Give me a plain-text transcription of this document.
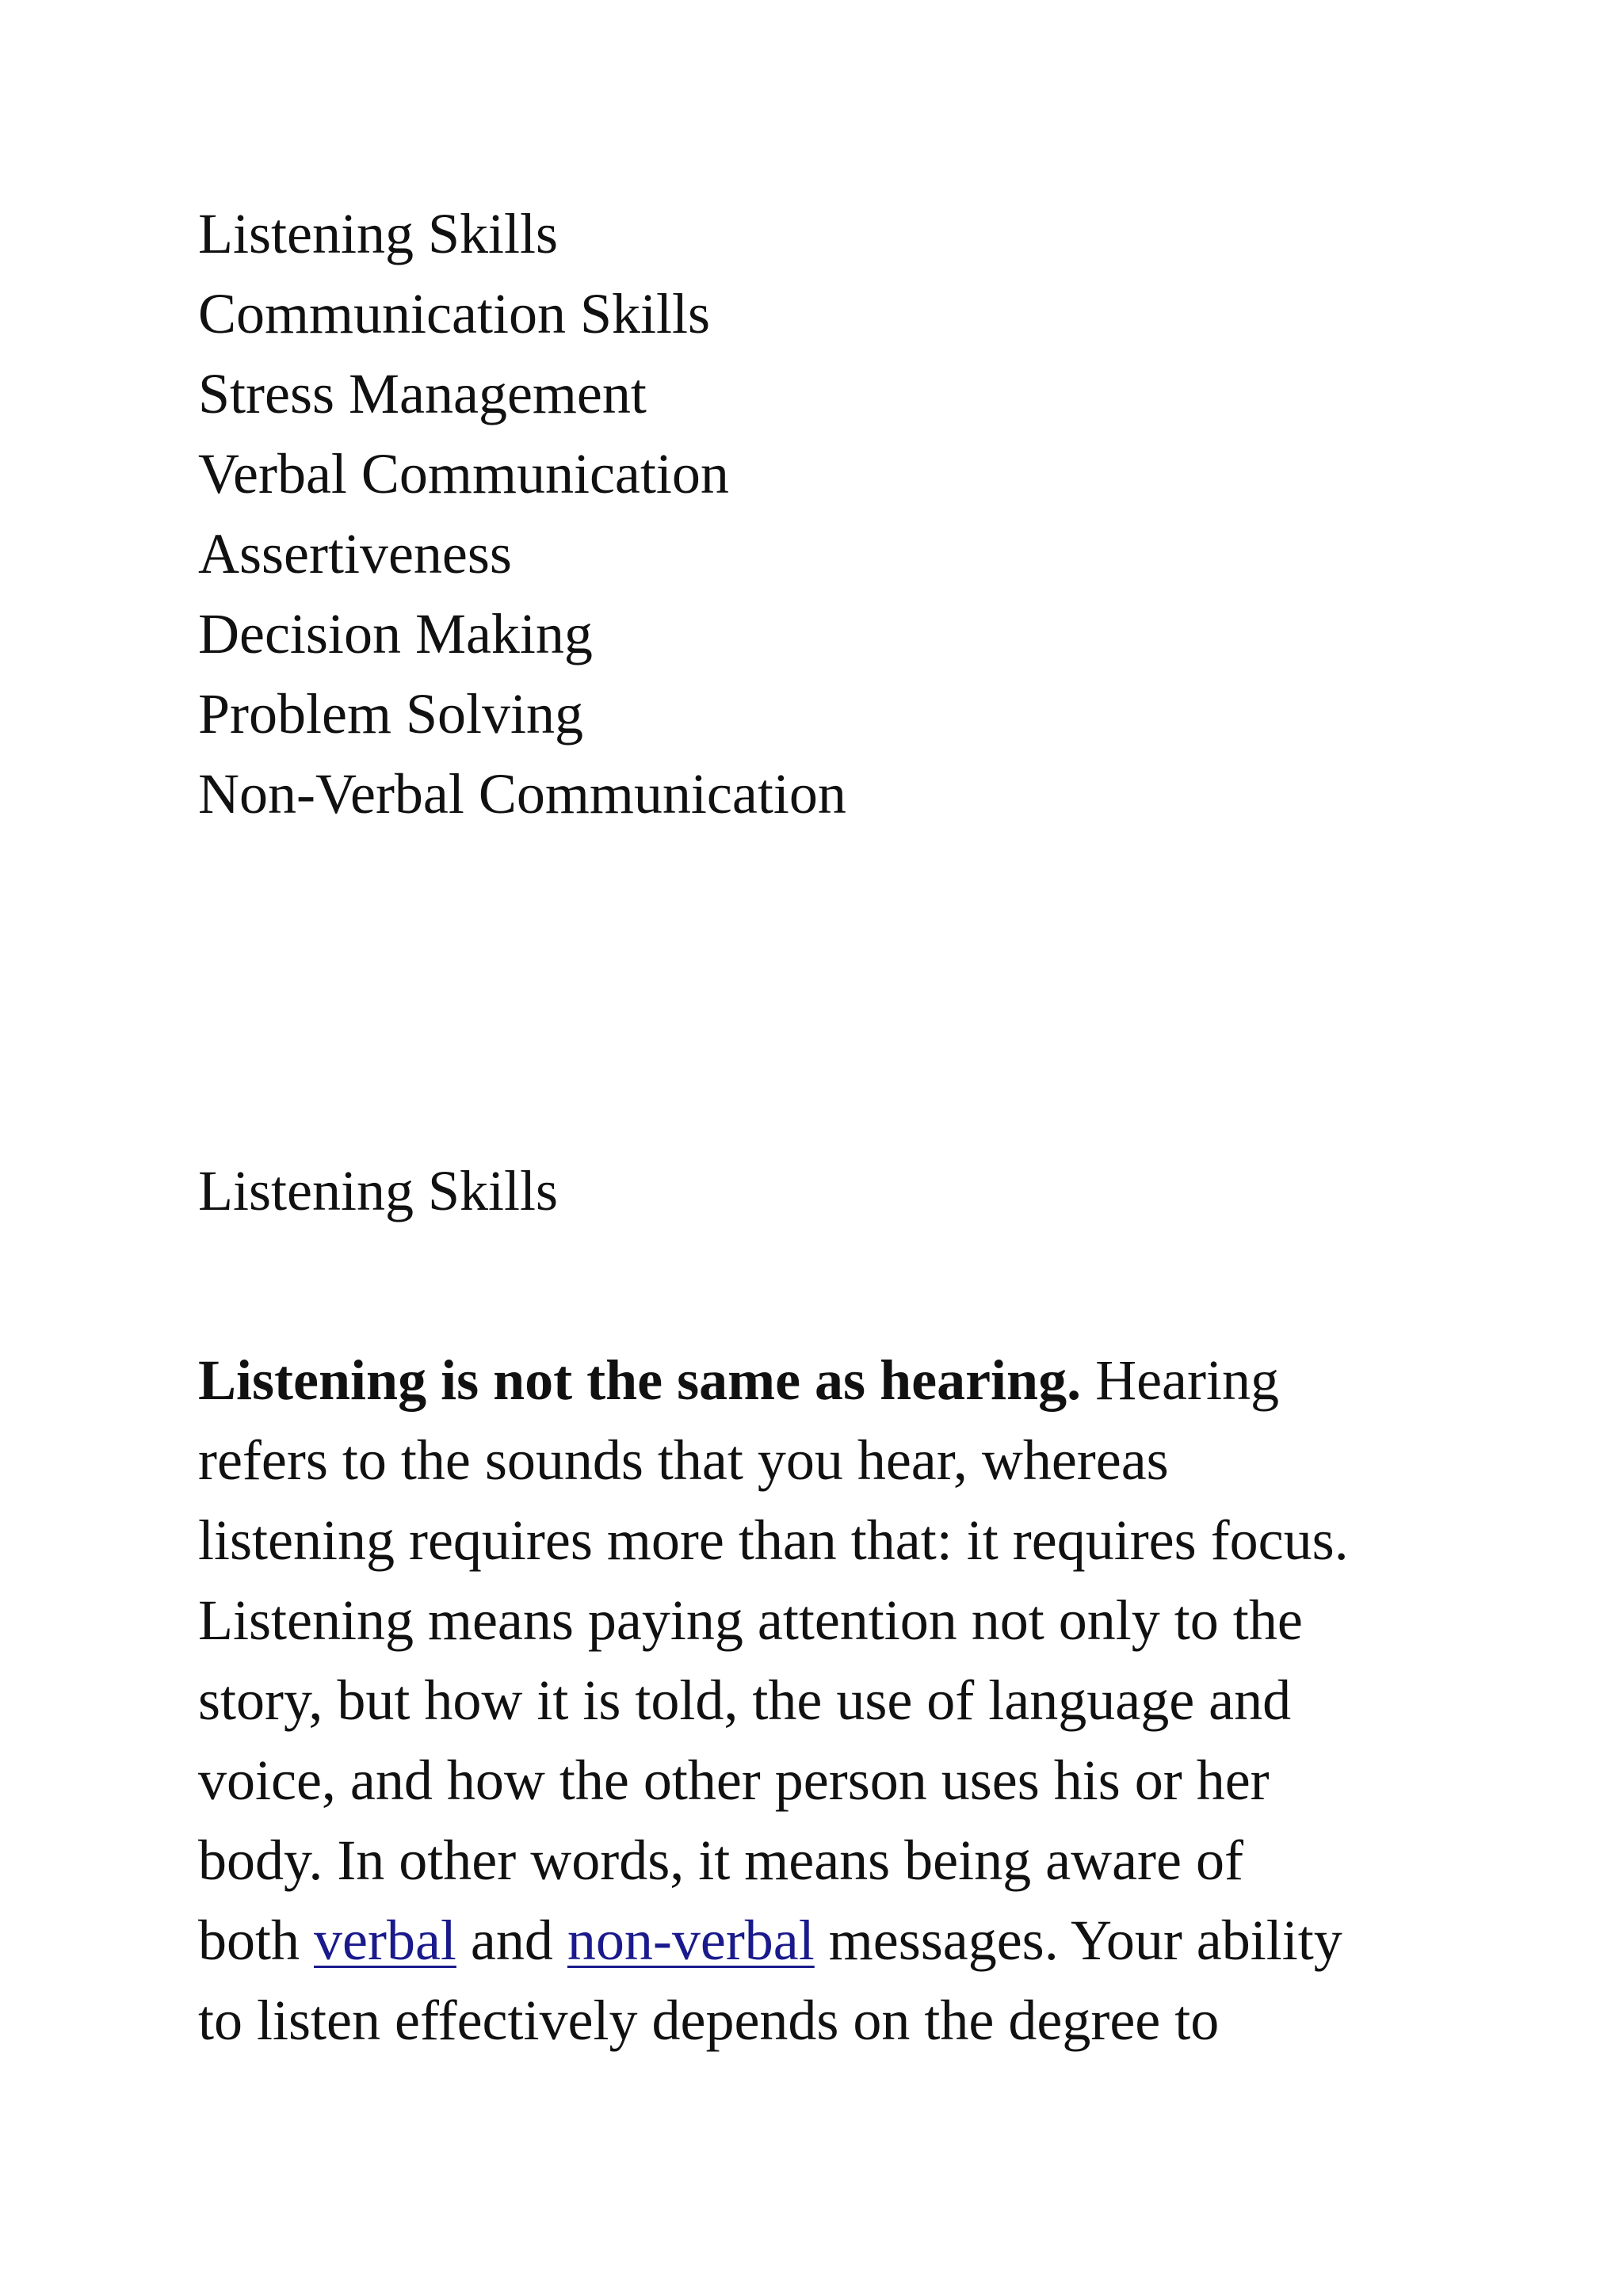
Listening Skills
Communication Skills
Stress Management
Verbal Communication
Assertiveness
Decision Making
Problem Solving
Non-Verbal Communication
Listening Skills

Listening is not the same as hearing. Hearing
refers to the sounds that you hear, whereas
listening requires more than that: it requires focus.
Listening means paying attention not only to the
story, but how it is told, the use of language and
voice, and how the other person uses his or her
body. In other words, it means being aware of
both verbal and non-verbal messages. Your ability
to listen effectively depends on the degree to
